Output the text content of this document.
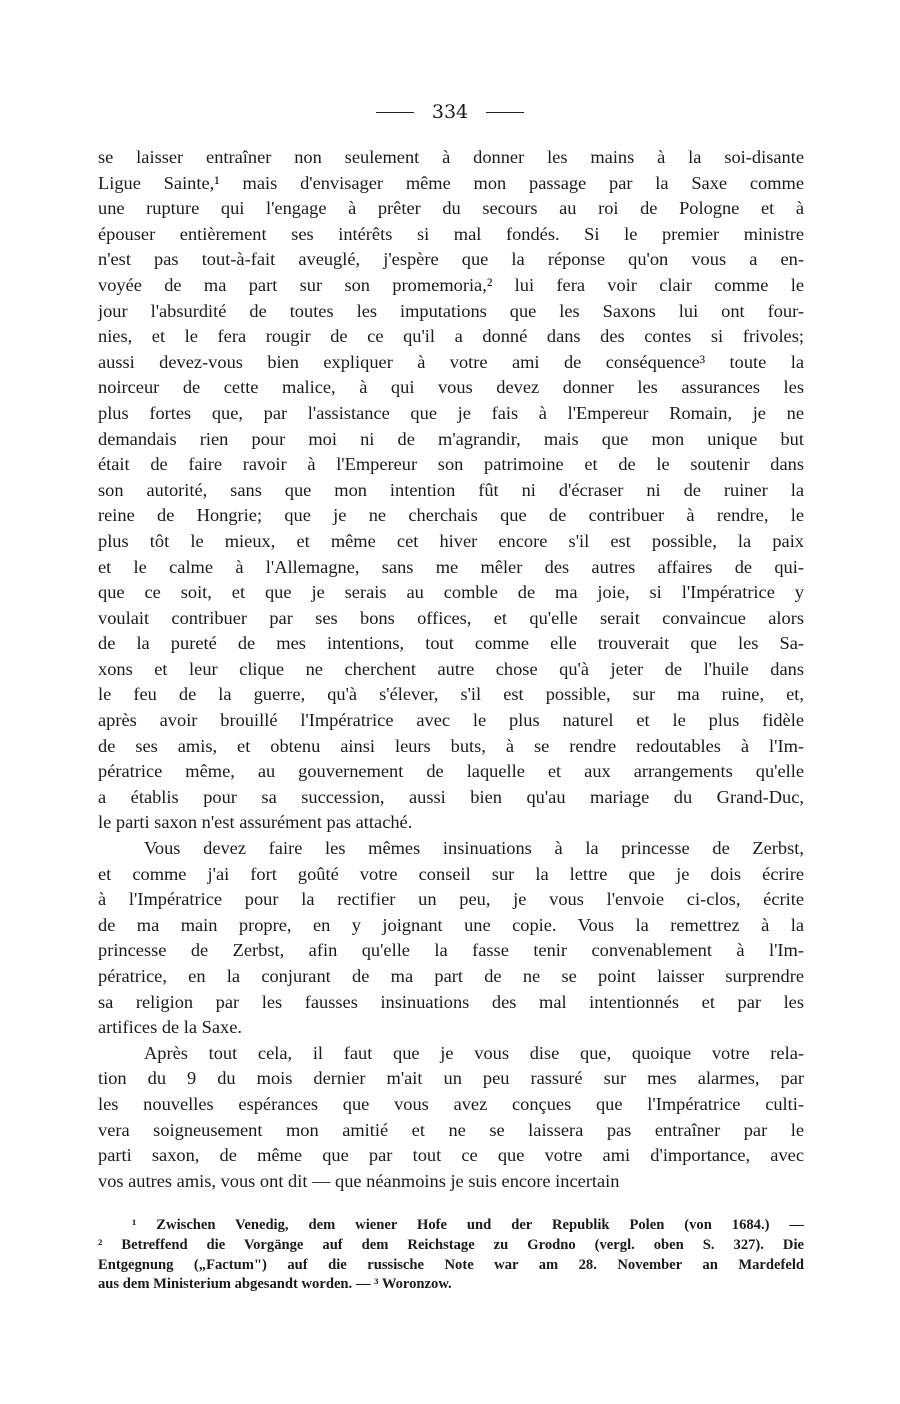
334
se laisser entraîner non seulement à donner les mains à la soi-disante
Ligue Sainte,¹ mais d'envisager même mon passage par la Saxe comme
une rupture qui l'engage à prêter du secours au roi de Pologne et à
épouser entièrement ses intérêts si mal fondés. Si le premier ministre
n'est pas tout-à-fait aveuglé, j'espère que la réponse qu'on vous a en-
voyée de ma part sur son promemoria,² lui fera voir clair comme le
jour l'absurdité de toutes les imputations que les Saxons lui ont four-
nies, et le fera rougir de ce qu'il a donné dans des contes si frivoles;
aussi devez-vous bien expliquer à votre ami de conséquence³ toute la
noirceur de cette malice, à qui vous devez donner les assurances les
plus fortes que, par l'assistance que je fais à l'Empereur Romain, je ne
demandais rien pour moi ni de m'agrandir, mais que mon unique but
était de faire ravoir à l'Empereur son patrimoine et de le soutenir dans
son autorité, sans que mon intention fût ni d'écraser ni de ruiner la
reine de Hongrie; que je ne cherchais que de contribuer à rendre, le
plus tôt le mieux, et même cet hiver encore s'il est possible, la paix
et le calme à l'Allemagne, sans me mêler des autres affaires de qui-
que ce soit, et que je serais au comble de ma joie, si l'Impératrice y
voulait contribuer par ses bons offices, et qu'elle serait convaincue alors
de la pureté de mes intentions, tout comme elle trouverait que les Sa-
xons et leur clique ne cherchent autre chose qu'à jeter de l'huile dans
le feu de la guerre, qu'à s'élever, s'il est possible, sur ma ruine, et,
après avoir brouillé l'Impératrice avec le plus naturel et le plus fidèle
de ses amis, et obtenu ainsi leurs buts, à se rendre redoutables à l'Im-
pératrice même, au gouvernement de laquelle et aux arrangements qu'elle
a établis pour sa succession, aussi bien qu'au mariage du Grand-Duc,
le parti saxon n'est assurément pas attaché.
Vous devez faire les mêmes insinuations à la princesse de Zerbst,
et comme j'ai fort goûté votre conseil sur la lettre que je dois écrire
à l'Impératrice pour la rectifier un peu, je vous l'envoie ci-clos, écrite
de ma main propre, en y joignant une copie. Vous la remettrez à la
princesse de Zerbst, afin qu'elle la fasse tenir convenablement à l'Im-
pératrice, en la conjurant de ma part de ne se point laisser surprendre
sa religion par les fausses insinuations des mal intentionnés et par les
artifices de la Saxe.
Après tout cela, il faut que je vous dise que, quoique votre rela-
tion du 9 du mois dernier m'ait un peu rassuré sur mes alarmes, par
les nouvelles espérances que vous avez conçues que l'Impératrice culti-
vera soigneusement mon amitié et ne se laissera pas entraîner par le
parti saxon, de même que par tout ce que votre ami d'importance, avec
vos autres amis, vous ont dit — que néanmoins je suis encore incertain
¹ Zwischen Venedig, dem wiener Hofe und der Republik Polen (von 1684.) —
² Betreffend die Vorgänge auf dem Reichstage zu Grodno (vergl. oben S. 327). Die
Entgegnung („Factum") auf die russische Note war am 28. November an Mardefeld
aus dem Ministerium abgesandt worden. — ³ Woronzow.
